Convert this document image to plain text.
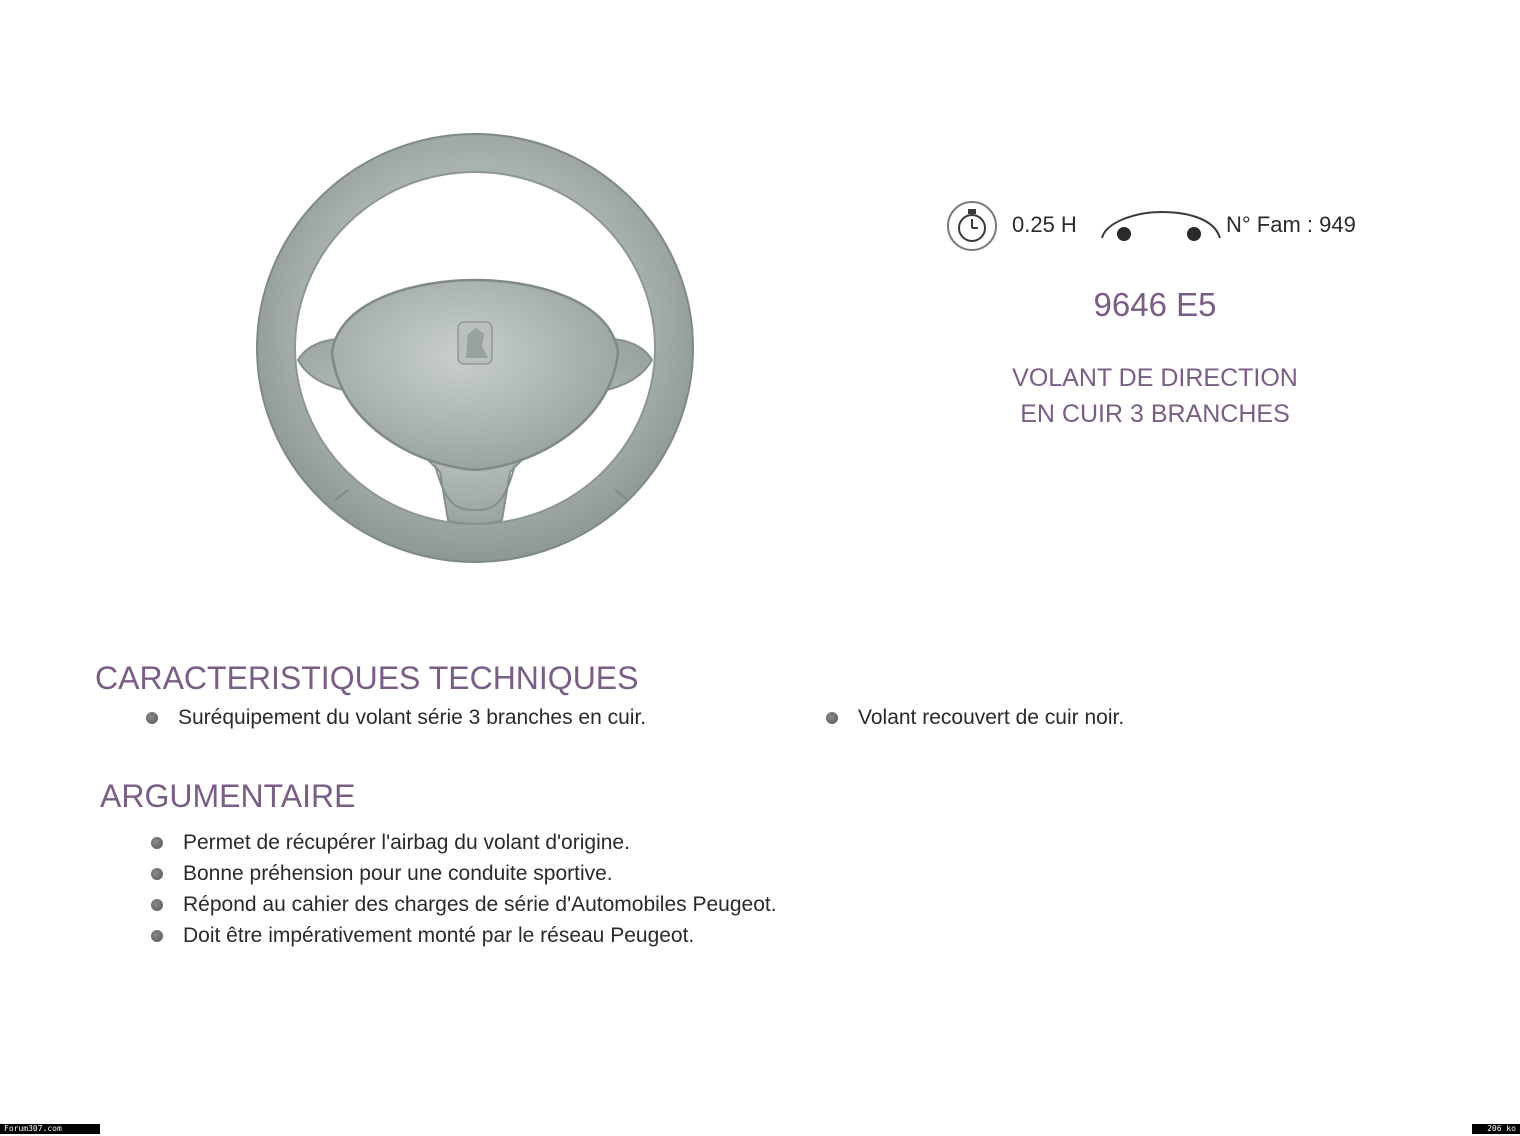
0.25 H	N° Fam : 949
9646 E5
VOLANT DE DIRECTION
EN CUIR 3 BRANCHES
CARACTERISTIQUES TECHNIQUES
Suréquipement du volant série 3 branches en cuir.	Volant recouvert de cuir noir.
ARGUMENTAIRE
Permet de récupérer l'airbag du volant d'origine.
Bonne préhension pour une conduite sportive.
Répond au cahier des charges de série d'Automobiles Peugeot.
Doit être impérativement monté par le réseau Peugeot.
Forum307.com	206 ko
